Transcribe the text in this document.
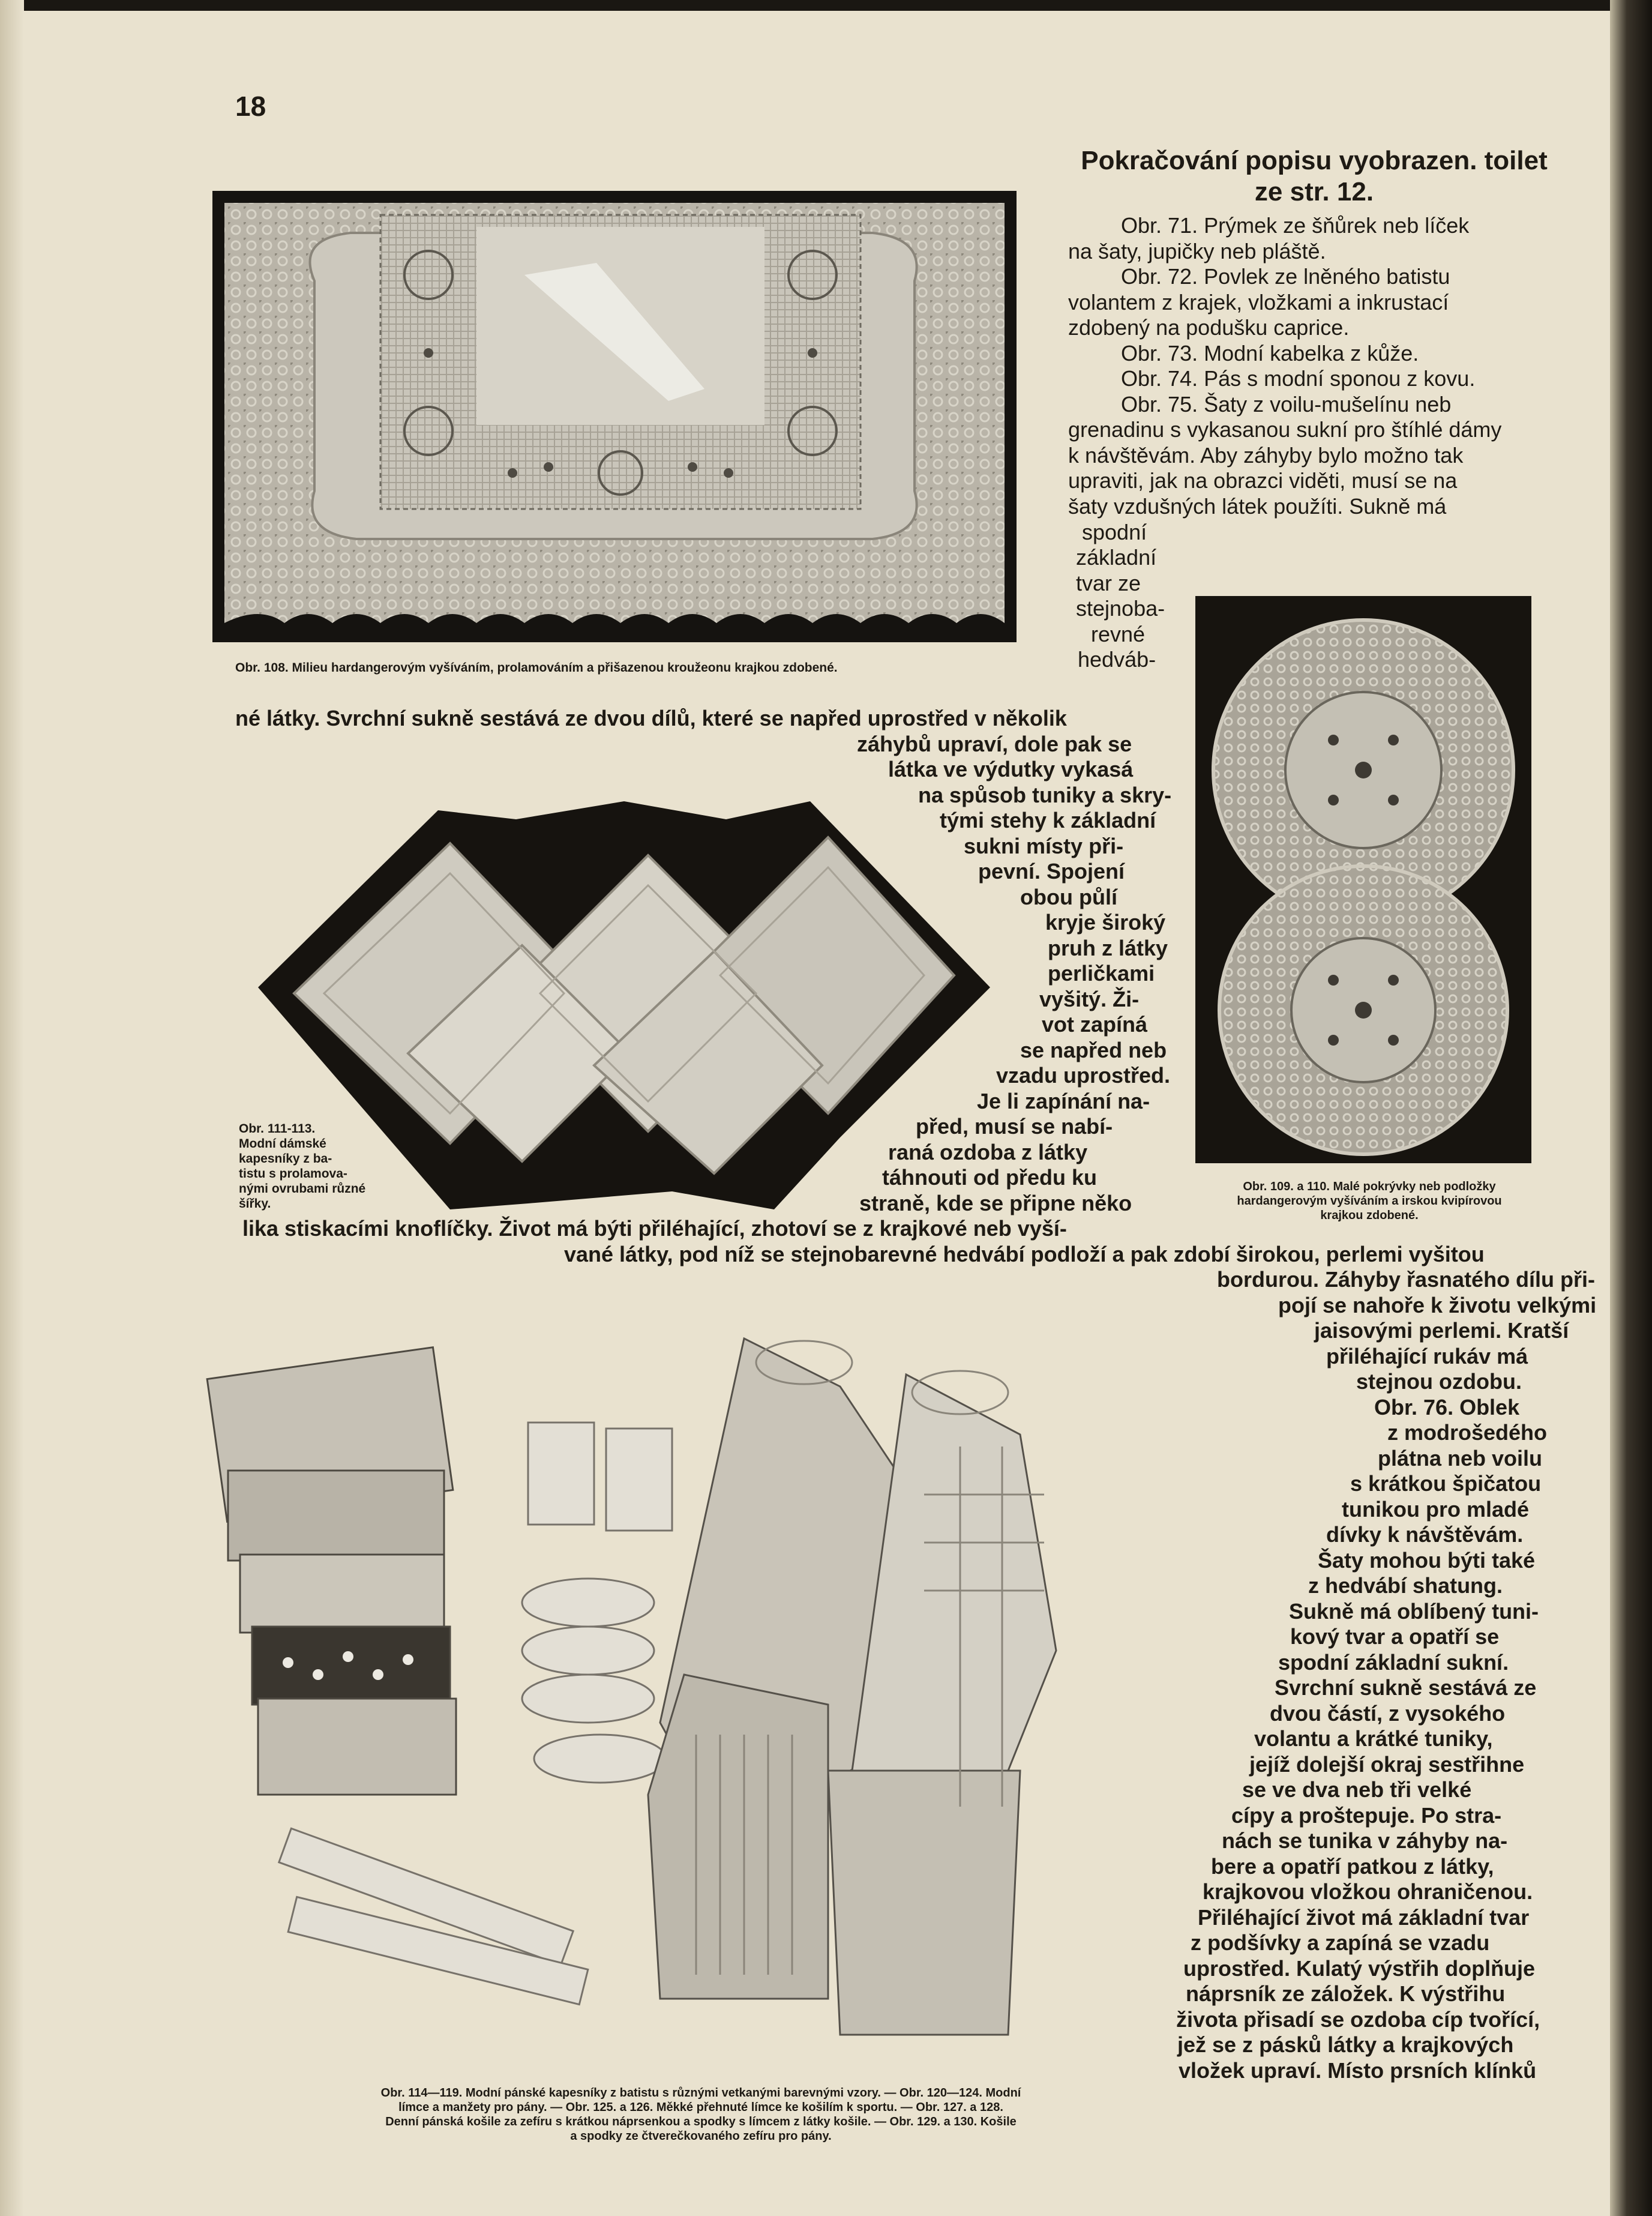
18
Pokračování popisu vyobrazen. toilet ze str. 12.
Obr. 108. Milieu hardangerovým vyšíváním, prolamováním a přišazenou kroužeonu krajkou zdobené.
Obr. 109. a 110. Malé pokrývky neb podložky
hardangerovým vyšíváním a irskou kvipírovou
krajkou zdobené.
Obr. 111-113.
Modní dámské
kapesníky z ba-
tistu s prolamova-
nými ovrubami různé
šířky.
Obr. 114—119. Modní pánské kapesníky z batistu s různými vetkanými barevnými vzory. — Obr. 120—124. Modní
límce a manžety pro pány. — Obr. 125. a 126. Měkké přehnuté límce ke košilím k sportu. — Obr. 127. a 128.
Denní pánská košile za zefíru s krátkou náprsenkou a spodky s límcem z látky košile. — Obr. 129. a 130. Košile
a spodky ze čtverečkovaného zefíru pro pány.
Obr. 71. Prýmek ze šňůrek neb líček
na šaty, jupičky neb pláště.
Obr. 72. Povlek ze lněného batistu
volantem z krajek, vložkami a inkrustací
zdobený na podušku caprice.
Obr. 73. Modní kabelka z kůže.
Obr. 74. Pás s modní sponou z kovu.
Obr. 75. Šaty z voilu-mušelínu neb
grenadinu s vykasanou sukní pro štíhlé dámy
k návštěvám. Aby záhyby bylo možno tak
upraviti, jak na obrazci viděti, musí se na
šaty vzdušných látek použíti. Sukně má
spodní
základní
tvar ze
stejnoba-
revné
hedváb-
né látky. Svrchní sukně sestává ze dvou dílů, které se napřed uprostřed v několik
záhybů upraví, dole pak se
látka ve výdutky vykasá
na spůsob tuniky a skry-
tými stehy k základní
sukni místy při-
pevní. Spojení
obou půlí
kryje široký
pruh z látky
perličkami
vyšitý. Ži-
vot zapíná
se napřed neb
vzadu uprostřed.
Je li zapínání na-
před, musí se nabí-
raná ozdoba z látky
táhnouti od předu ku
straně, kde se připne něko
lika stiskacími knoflíčky. Život má býti přiléhající, zhotoví se z krajkové neb vyší-
vané látky, pod níž se stejnobarevné hedvábí podloží a pak zdobí širokou, perlemi vyšitou
bordurou. Záhyby řasnatého dílu při-
pojí se nahoře k životu velkými
jaisovými perlemi. Kratší
přiléhající rukáv má
stejnou ozdobu.
Obr. 76. Oblek
z modrošedého
plátna neb voilu
s krátkou špičatou
tunikou pro mladé
dívky k návštěvám.
Šaty mohou býti také
z hedvábí shatung.
Sukně má oblíbený tuni-
kový tvar a opatří se
spodní základní sukní.
Svrchní sukně sestává ze
dvou částí, z vysokého
volantu a krátké tuniky,
jejíž dolejší okraj sestřihne
se ve dva neb tři velké
cípy a proštepuje. Po stra-
nách se tunika v záhyby na-
bere a opatří patkou z látky,
krajkovou vložkou ohraničenou.
Přiléhající život má základní tvar
z podšívky a zapíná se vzadu
uprostřed. Kulatý výstřih doplňuje
náprsník ze záložek. K výstřihu
života přisadí se ozdoba cíp tvořící,
jež se z pásků látky a krajkových
vložek upraví. Místo prsních klínků
